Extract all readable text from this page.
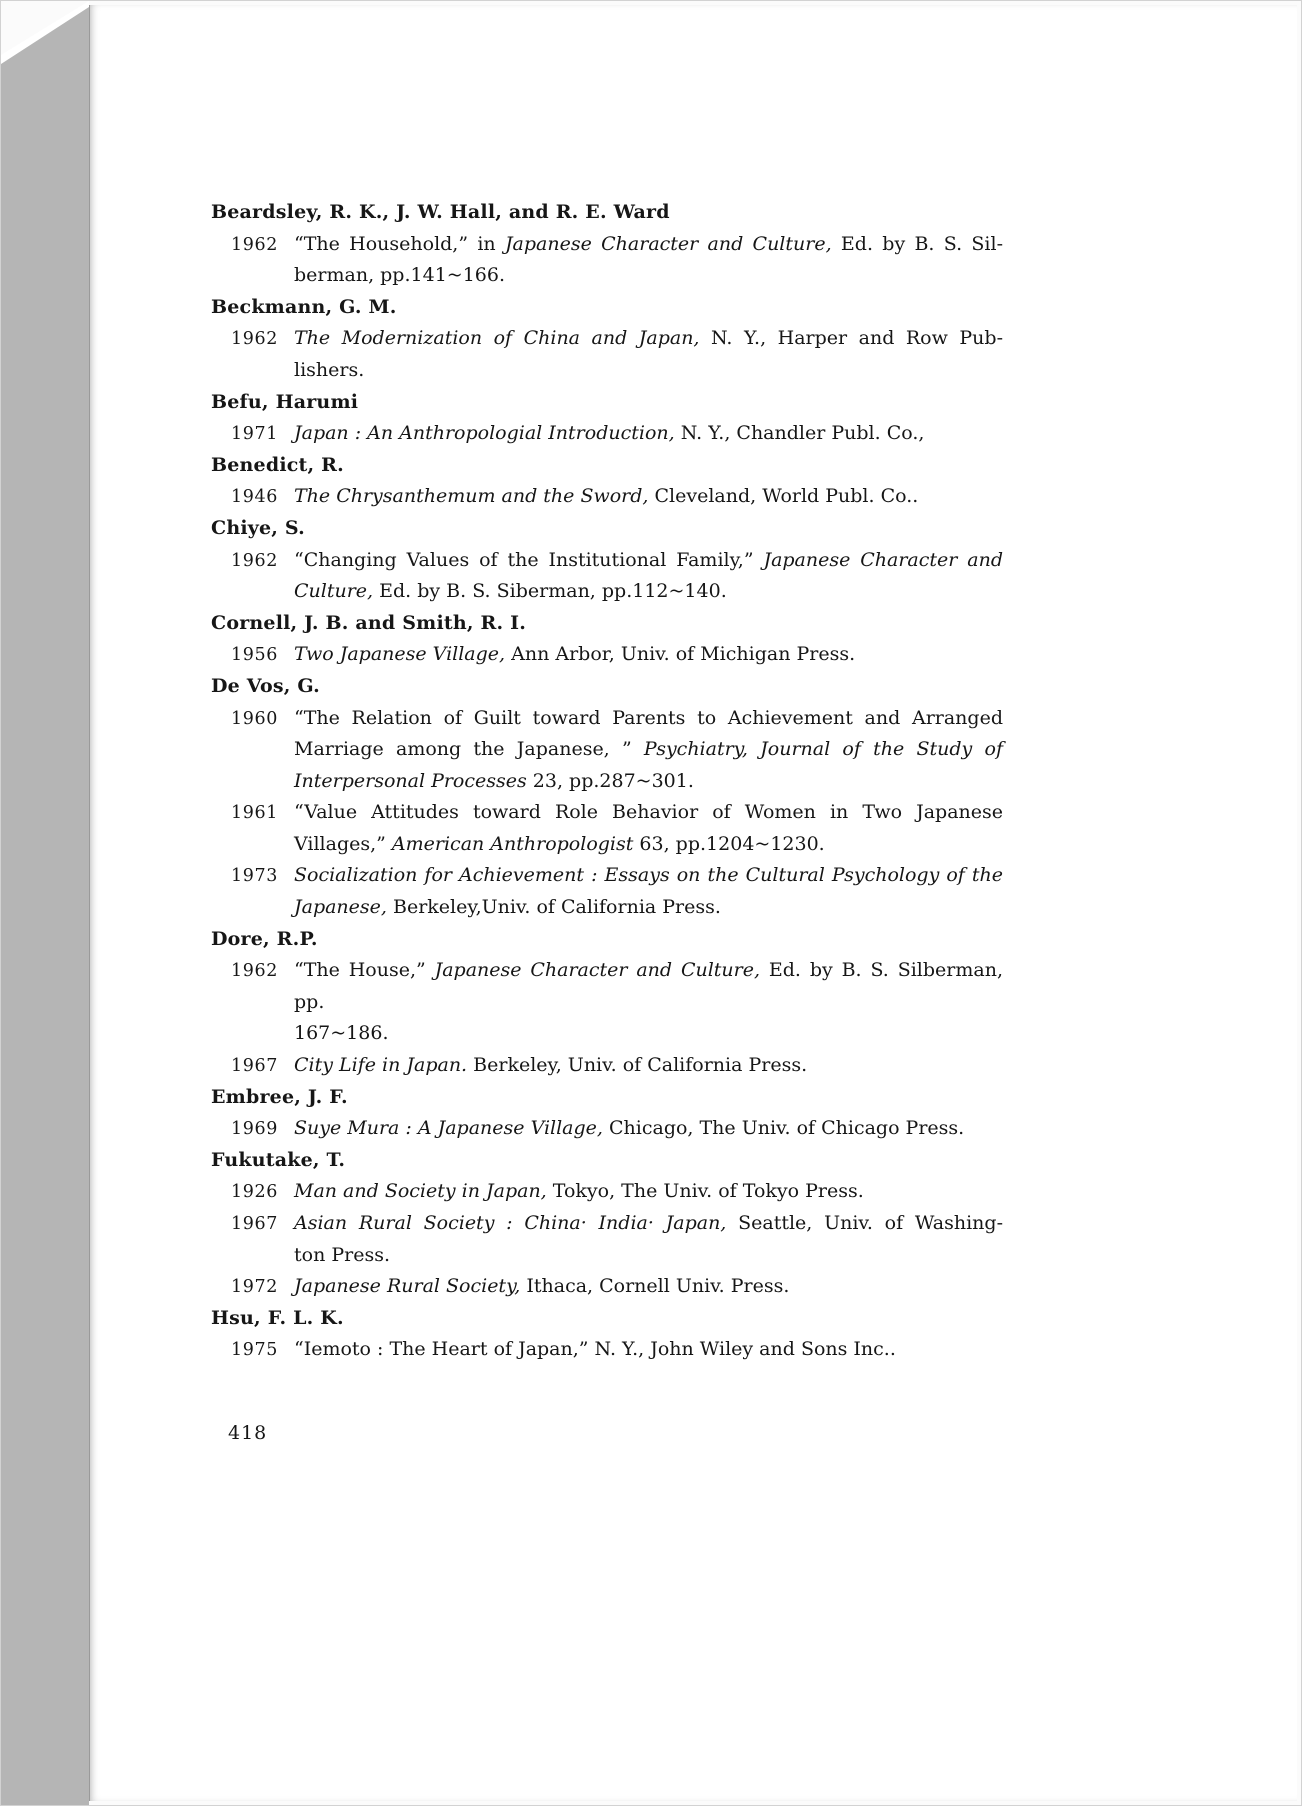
Beardsley, R. K., J. W. Hall, and R. E. Ward
1962 “The Household,” in Japanese Character and Culture, Ed. by B. S. Sil-
berman, pp.141~166.
Beckmann, G. M.
1962 The Modernization of China and Japan, N. Y., Harper and Row Pub-
lishers.
Befu, Harumi
1971 Japan : An Anthropologial Introduction, N. Y., Chandler Publ. Co.,
Benedict, R.
1946 The Chrysanthemum and the Sword, Cleveland, World Publ. Co..
Chiye, S.
1962 “Changing Values of the Institutional Family,” Japanese Character and
Culture, Ed. by B. S. Siberman, pp.112~140.
Cornell, J. B. and Smith, R. I.
1956 Two Japanese Village, Ann Arbor, Univ. of Michigan Press.
De Vos, G.
1960 “The Relation of Guilt toward Parents to Achievement and Arranged
Marriage among the Japanese, ” Psychiatry, Journal of the Study of
Interpersonal Processes 23, pp.287~301.
1961 “Value Attitudes toward Role Behavior of Women in Two Japanese
Villages,” American Anthropologist 63, pp.1204~1230.
1973 Socialization for Achievement : Essays on the Cultural Psychology of the
Japanese, Berkeley,Univ. of California Press.
Dore, R.P.
1962 “The House,” Japanese Character and Culture, Ed. by B. S. Silberman, pp.
167~186.
1967 City Life in Japan. Berkeley, Univ. of California Press.
Embree, J. F.
1969 Suye Mura : A Japanese Village, Chicago, The Univ. of Chicago Press.
Fukutake, T.
1926 Man and Society in Japan, Tokyo, The Univ. of Tokyo Press.
1967 Asian Rural Society : China· India· Japan, Seattle, Univ. of Washing-
ton Press.
1972 Japanese Rural Society, Ithaca, Cornell Univ. Press.
Hsu, F. L. K.
1975 “Iemoto : The Heart of Japan,” N. Y., John Wiley and Sons Inc..
418
